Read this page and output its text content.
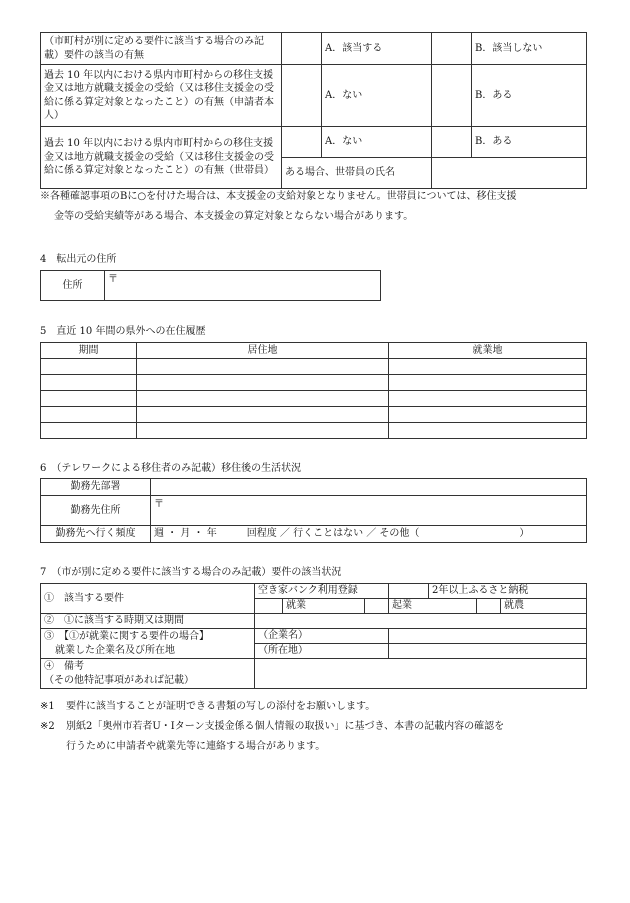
（市町村が別に定める要件に該当する場合のみ記載）要件の該当の有無		A．該当する		B．該当しない
過去 10 年以内における県内市町村からの移住支援金又は地方就職支援金の受給（又は移住支援金の受給に係る算定対象となったこと）の有無（申請者本人）		A．ない		B．ある
過去 10 年以内における県内市町村からの移住支援金又は地方就職支援金の受給（又は移住支援金の受給に係る算定対象となったこと）の有無（世帯員）		A．ない		B．ある
	ある場合、世帯員の氏名			
※各種確認事項のBに○を付けた場合は、本支援金の支給対象となりません。世帯員については、移住支援
金等の受給実績等がある場合、本支援金の算定対象とならない場合があります。
4　転出元の住所
住所	〒
5　直近 10 年間の県外への在住履歴
期間	居住地	就業地

6　（テレワークによる移住者のみ記載）移住後の生活状況
勤務先部署	
勤務先住所	〒
勤務先へ行く頻度	週 ・ 月 ・ 年　　　回程度 ／ 行くことはない ／ その他（　　　　　　　　　　）
7　（市が別に定める要件に該当する場合のみ記載）要件の該当状況
①　該当する要件	空き家バンク利用登録				2年以上ふるさと納税		
		就業		起業			就農
②　①に該当する時期又は期間							
③　【①が就業に関する要件の場合】	（企業名）						
就業した企業名及び所在地	（所在地）						

④　備考
（その他特記事項があれば記載）							

※1 要件に該当することが証明できる書類の写しの添付をお願いします。
※2 別紙2「奥州市若者U・Iターン支援金係る個人情報の取扱い」に基づき、本書の記載内容の確認を
行うために申請者や就業先等に連絡する場合があります。
